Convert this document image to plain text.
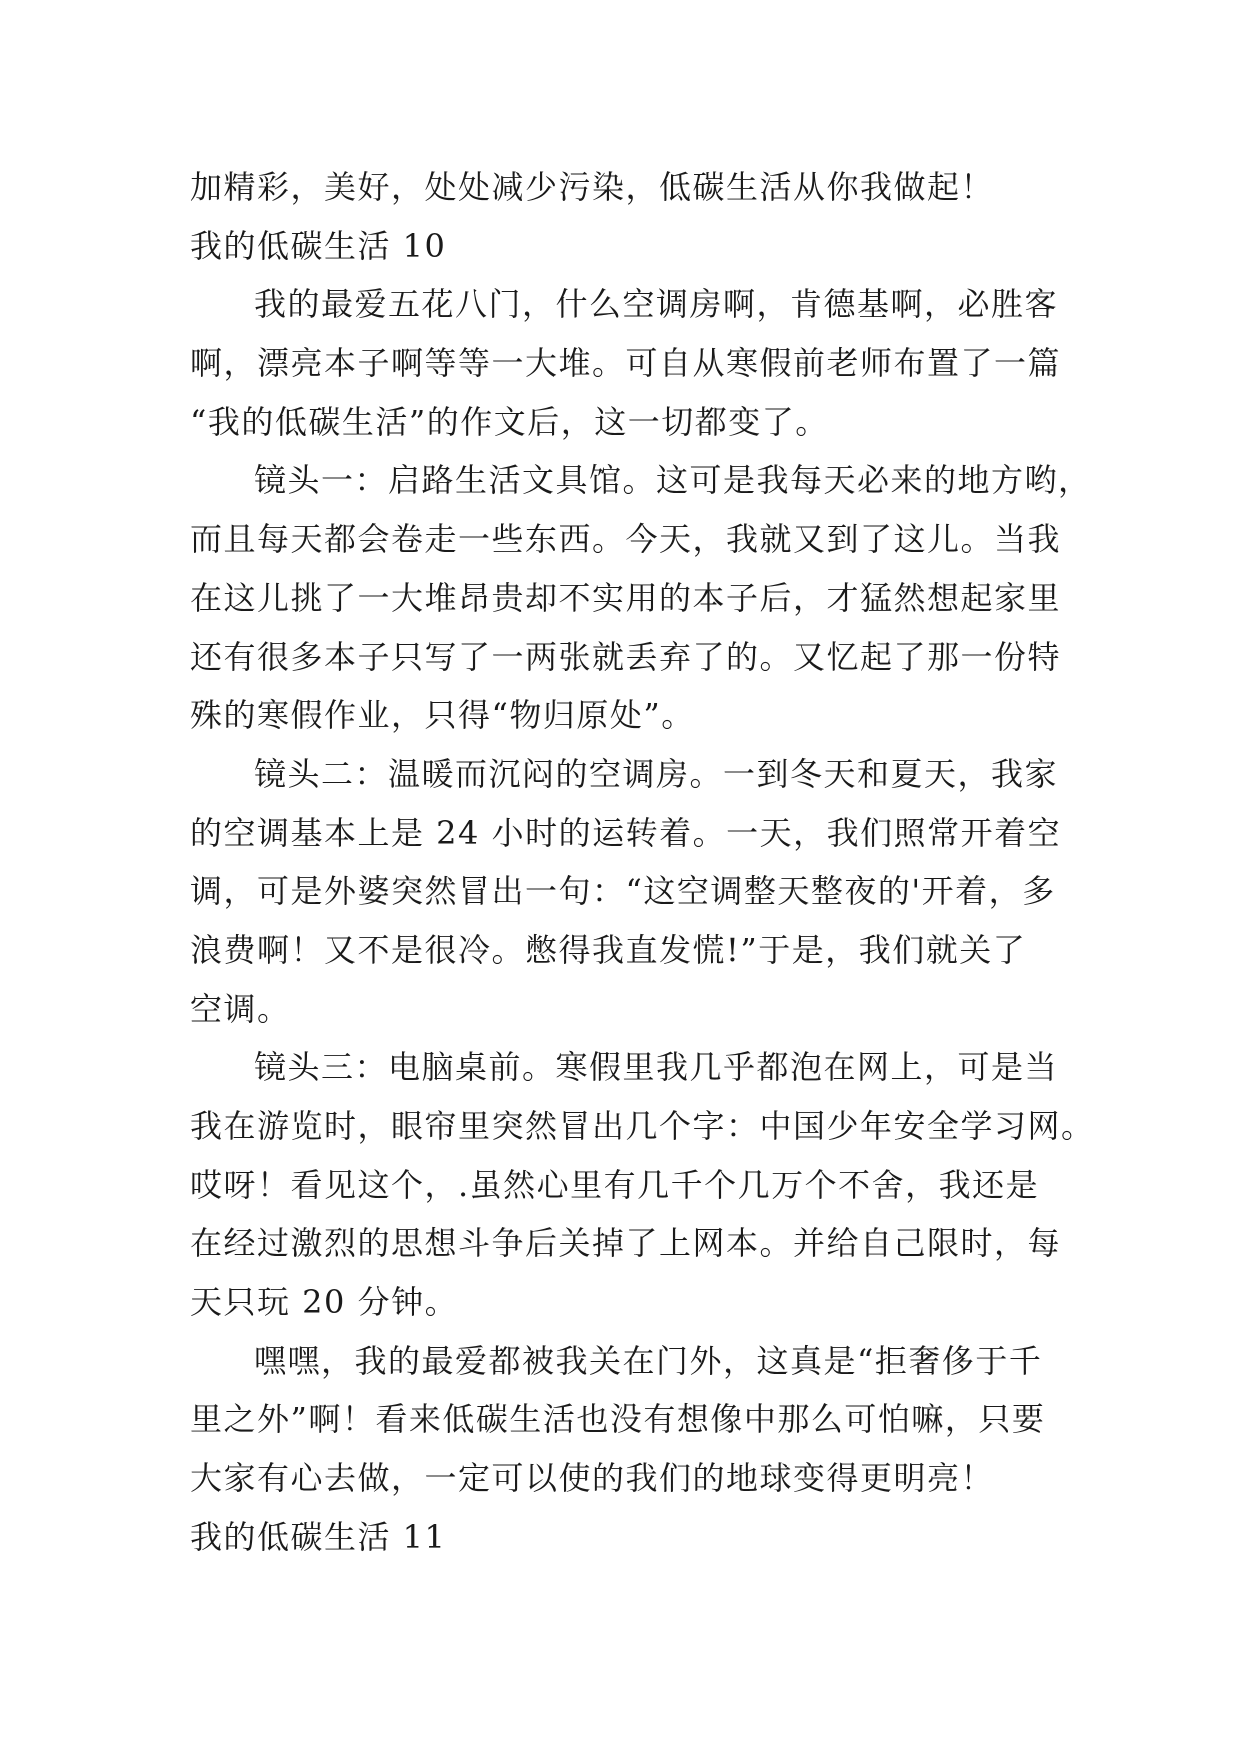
加精彩，美好，处处减少污染，低碳生活从你我做起！
我的低碳生活 10
我的最爱五花八门，什么空调房啊，肯德基啊，必胜客
啊，漂亮本子啊等等一大堆。可自从寒假前老师布置了一篇
“我的低碳生活”的作文后，这一切都变了。
镜头一：启路生活文具馆。这可是我每天必来的地方哟，
而且每天都会卷走一些东西。今天，我就又到了这儿。当我
在这儿挑了一大堆昂贵却不实用的本子后，才猛然想起家里
还有很多本子只写了一两张就丢弃了的。又忆起了那一份特
殊的寒假作业，只得“物归原处”。
镜头二：温暖而沉闷的空调房。一到冬天和夏天，我家
的空调基本上是 24 小时的运转着。一天，我们照常开着空
调，可是外婆突然冒出一句：“这空调整天整夜的'开着，多
浪费啊！又不是很冷。憋得我直发慌!”于是，我们就关了
空调。
镜头三：电脑桌前。寒假里我几乎都泡在网上，可是当
我在游览时，眼帘里突然冒出几个字：中国少年安全学习网。
哎呀！看见这个，.虽然心里有几千个几万个不舍，我还是
在经过激烈的思想斗争后关掉了上网本。并给自己限时，每
天只玩 20 分钟。
嘿嘿，我的最爱都被我关在门外，这真是“拒奢侈于千
里之外”啊！看来低碳生活也没有想像中那么可怕嘛，只要
大家有心去做，一定可以使的我们的地球变得更明亮！
我的低碳生活 11
